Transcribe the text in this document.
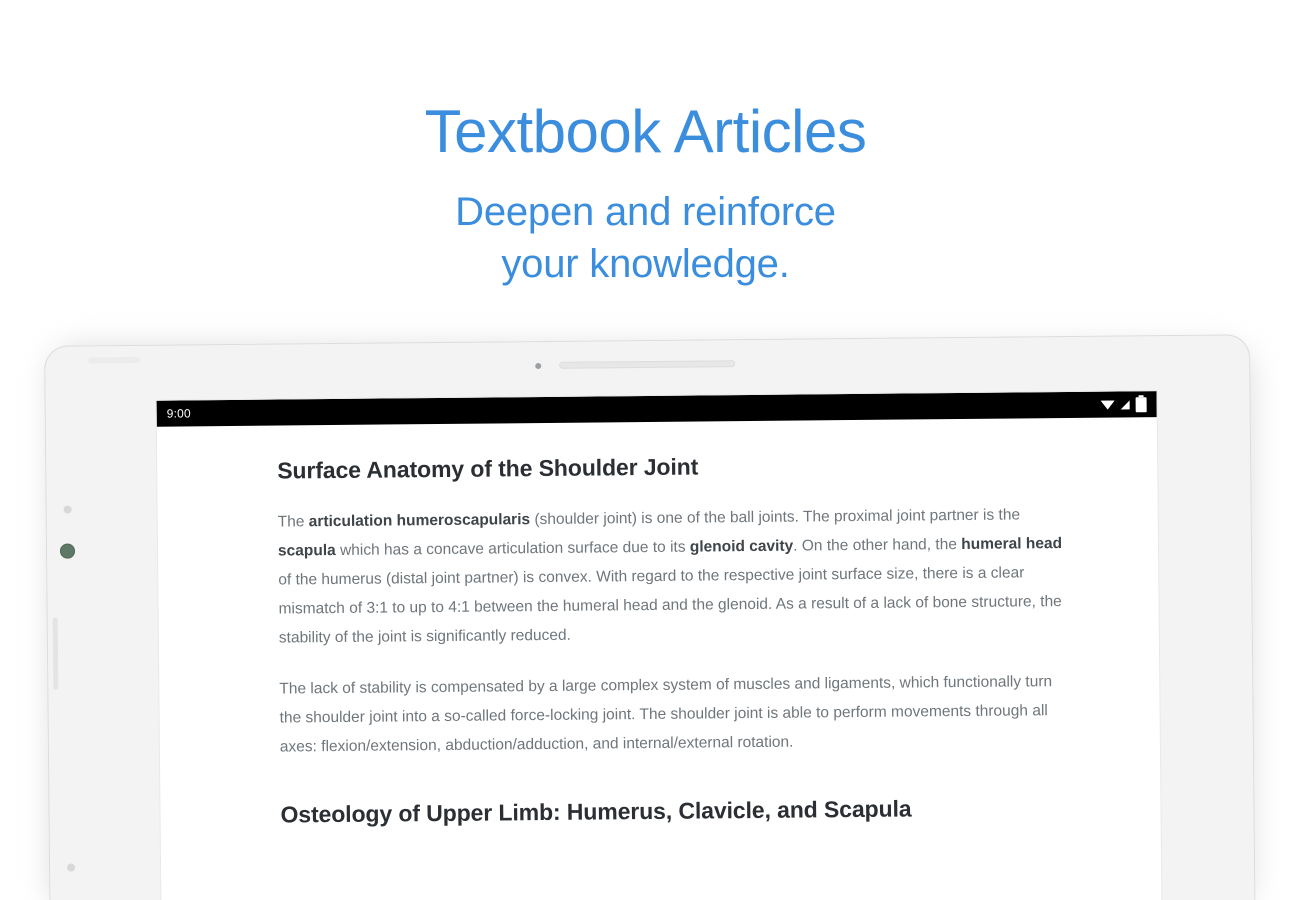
Textbook Articles
Deepen and reinforce
your knowledge.
9:00
Surface Anatomy of the Shoulder Joint

The articulation humeroscapularis (shoulder joint) is one of the ball joints. The proximal joint partner is the scapula which has a concave articulation surface due to its glenoid cavity. On the other hand, the humeral head of the humerus (distal joint partner) is convex. With regard to the respective joint surface size, there is a clear mismatch of 3:1 to up to 4:1 between the humeral head and the glenoid. As a result of a lack of bone structure, the stability of the joint is significantly reduced.

The lack of stability is compensated by a large complex system of muscles and ligaments, which functionally turn the shoulder joint into a so-called force-locking joint. The shoulder joint is able to perform movements through all axes: flexion/extension, abduction/adduction, and internal/external rotation.

Osteology of Upper Limb: Humerus, Clavicle, and Scapula
